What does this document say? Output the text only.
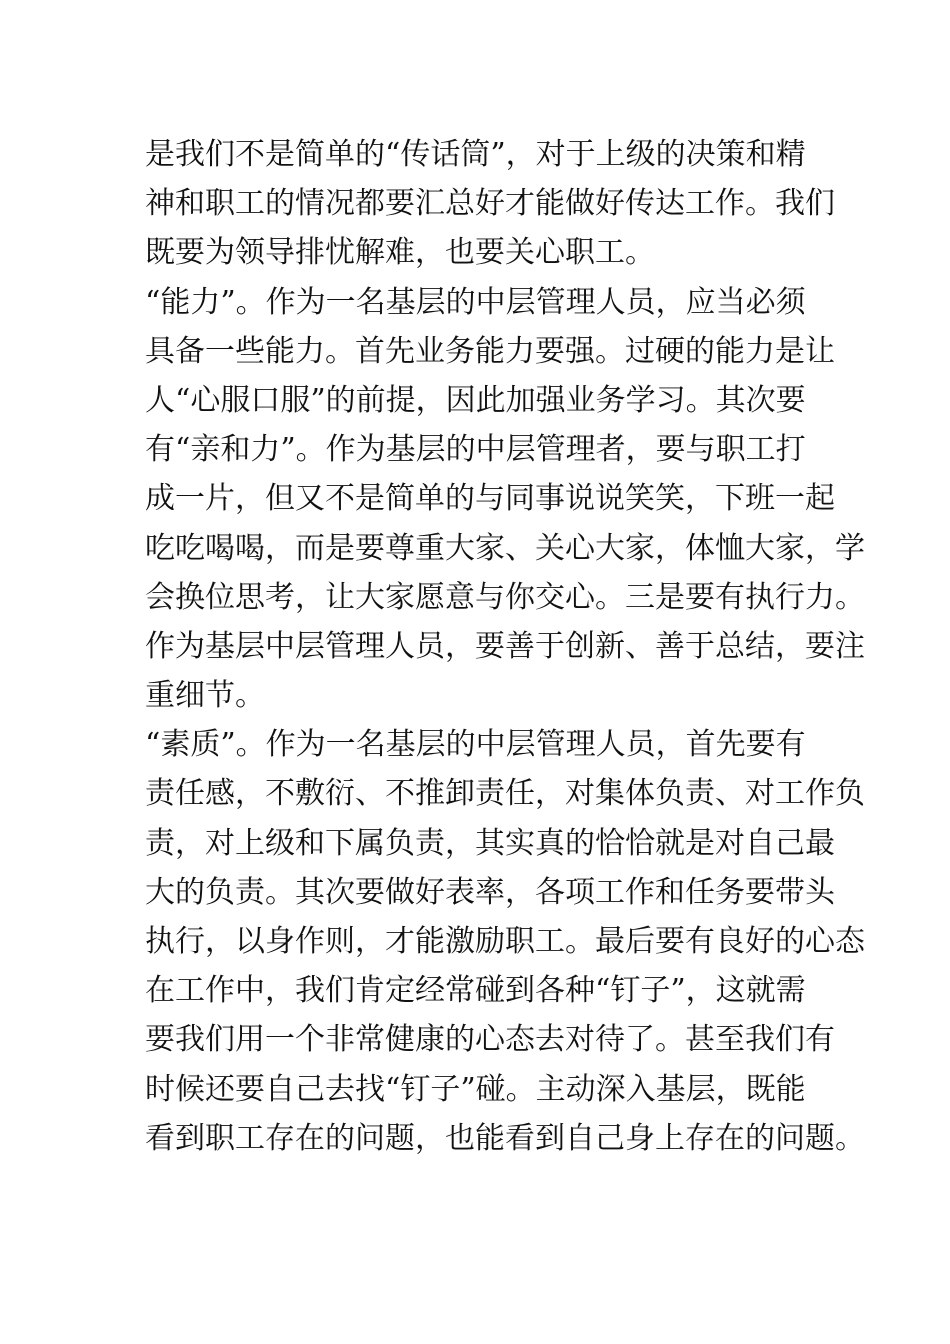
是我们不是简单的“传话筒”，对于上级的决策和精
神和职工的情况都要汇总好才能做好传达工作。我们
既要为领导排忧解难，也要关心职工。
“能力”。作为一名基层的中层管理人员，应当必须
具备一些能力。首先业务能力要强。过硬的能力是让
人“心服口服”的前提，因此加强业务学习。其次要
有“亲和力”。作为基层的中层管理者，要与职工打
成一片，但又不是简单的与同事说说笑笑，下班一起
吃吃喝喝，而是要尊重大家、关心大家，体恤大家，学
会换位思考，让大家愿意与你交心。三是要有执行力。
作为基层中层管理人员，要善于创新、善于总结，要注
重细节。
“素质”。作为一名基层的中层管理人员，首先要有
责任感，不敷衍、不推卸责任，对集体负责、对工作负
责，对上级和下属负责，其实真的恰恰就是对自己最
大的负责。其次要做好表率，各项工作和任务要带头
执行，以身作则，才能激励职工。最后要有良好的心态
在工作中，我们肯定经常碰到各种“钉子”，这就需
要我们用一个非常健康的心态去对待了。甚至我们有
时候还要自己去找“钉子”碰。主动深入基层，既能
看到职工存在的问题，也能看到自己身上存在的问题。
